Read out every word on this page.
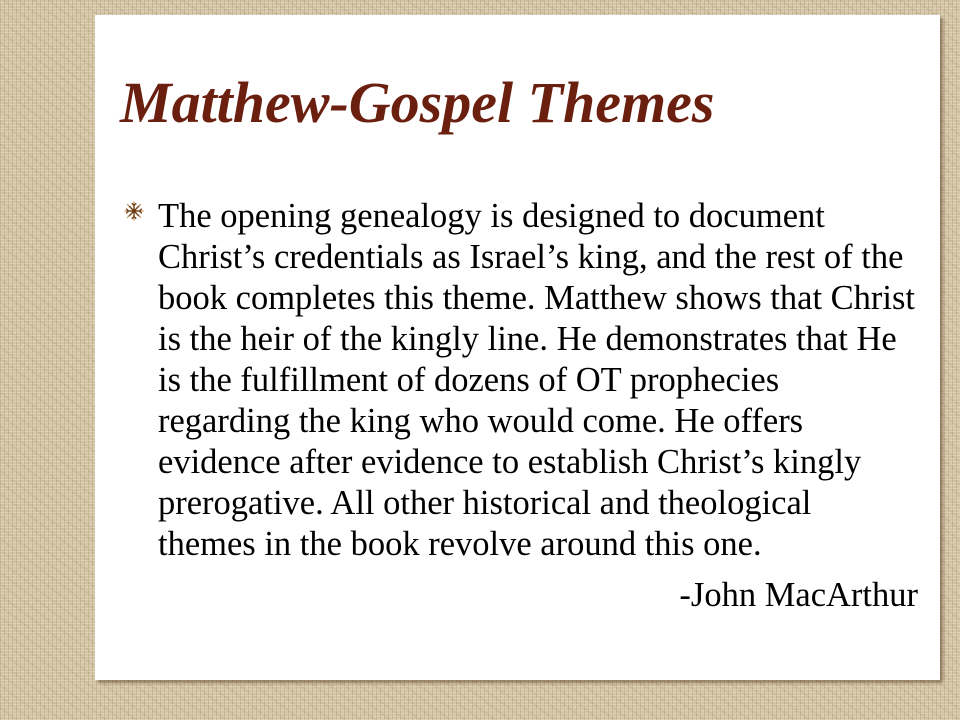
Matthew-Gospel Themes
The opening genealogy is designed to document
Christ’s credentials as Israel’s king, and the rest of the
book completes this theme. Matthew shows that Christ
is the heir of the kingly line. He demonstrates that He
is the fulfillment of dozens of OT prophecies
regarding the king who would come. He offers
evidence after evidence to establish Christ’s kingly
prerogative. All other historical and theological
themes in the book revolve around this one.
-John MacArthur
